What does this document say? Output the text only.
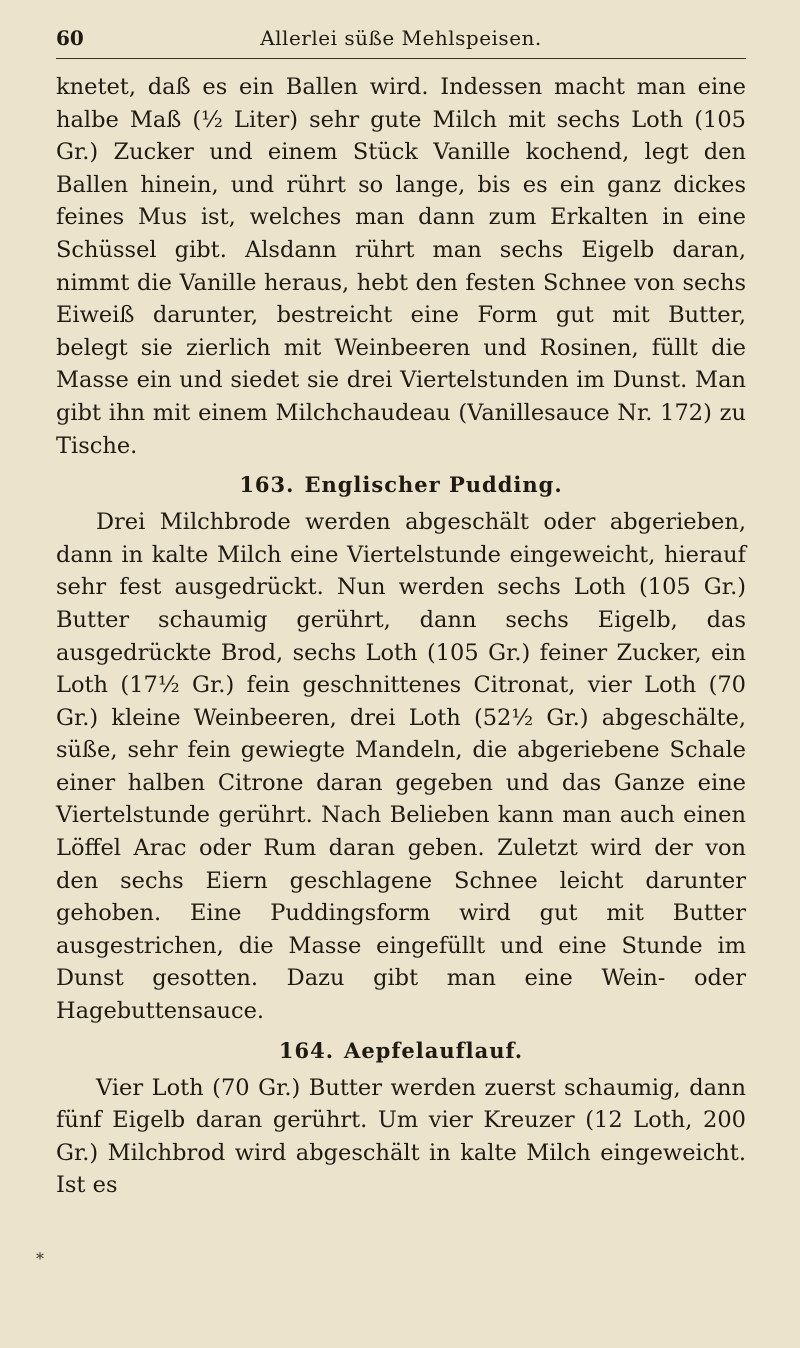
60	Allerlei süße Mehlspeisen.

knetet, daß es ein Ballen wird. Indessen macht man eine halbe Maß (½ Liter) sehr gute Milch mit sechs Loth (105 Gr.) Zucker und einem Stück Vanille kochend, legt den Ballen hinein, und rührt so lange, bis es ein ganz dickes feines Mus ist, welches man dann zum Erkalten in eine Schüssel gibt. Alsdann rührt man sechs Eigelb daran, nimmt die Vanille heraus, hebt den festen Schnee von sechs Eiweiß darunter, bestreicht eine Form gut mit Butter, belegt sie zierlich mit Weinbeeren und Rosinen, füllt die Masse ein und siedet sie drei Viertelstunden im Dunst. Man gibt ihn mit einem Milchchaudeau (Vanillesauce Nr. 172) zu Tische.

163. Englischer Pudding.

Drei Milchbrode werden abgeschält oder abgerieben, dann in kalte Milch eine Viertelstunde eingeweicht, hierauf sehr fest ausgedrückt. Nun werden sechs Loth (105 Gr.) Butter schaumig gerührt, dann sechs Eigelb, das ausgedrückte Brod, sechs Loth (105 Gr.) feiner Zucker, ein Loth (17½ Gr.) fein geschnittenes Citronat, vier Loth (70 Gr.) kleine Weinbeeren, drei Loth (52½ Gr.) abgeschälte, süße, sehr fein gewiegte Mandeln, die abgeriebene Schale einer halben Citrone daran gegeben und das Ganze eine Viertelstunde gerührt. Nach Belieben kann man auch einen Löffel Arac oder Rum daran geben. Zuletzt wird der von den sechs Eiern geschlagene Schnee leicht darunter gehoben. Eine Puddingsform wird gut mit Butter ausgestrichen, die Masse eingefüllt und eine Stunde im Dunst gesotten. Dazu gibt man eine Wein- oder Hagebuttensauce.

164. Aepfelauflauf.

Vier Loth (70 Gr.) Butter werden zuerst schaumig, dann fünf Eigelb daran gerührt. Um vier Kreuzer (12 Loth, 200 Gr.) Milchbrod wird abgeschält in kalte Milch eingeweicht. Ist es

⁎
